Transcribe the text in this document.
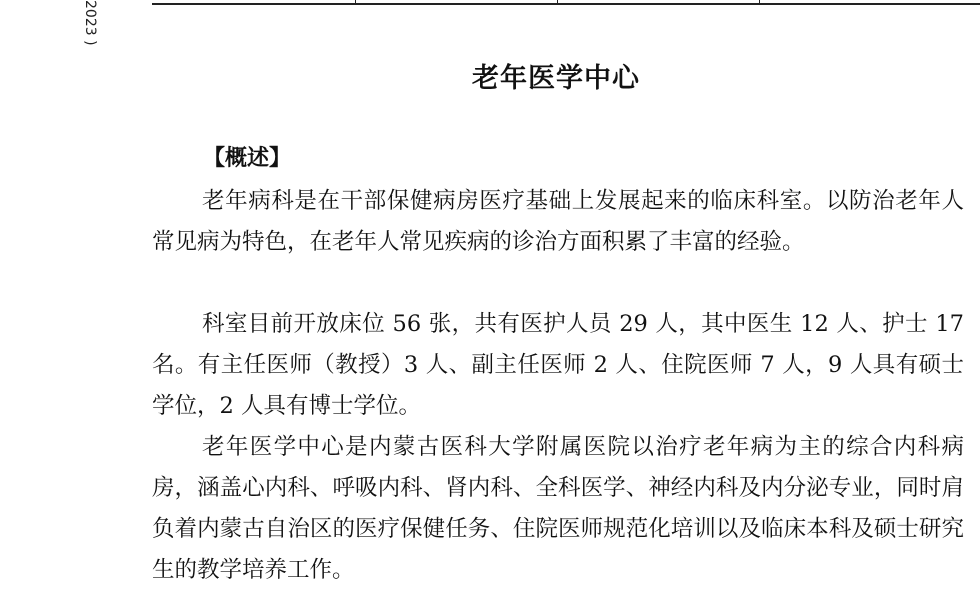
2023 )
老年医学中心
【概述】

老年病科是在干部保健病房医疗基础上发展起来的临床科室。以防治老年人常见病为特色，在老年人常见疾病的诊治方面积累了丰富的经验。

科室目前开放床位 56 张，共有医护人员 29 人，其中医生 12 人、护士 17 名。有主任医师（教授）3 人、副主任医师 2 人、住院医师 7 人，9 人具有硕士学位，2 人具有博士学位。

老年医学中心是内蒙古医科大学附属医院以治疗老年病为主的综合内科病房，涵盖心内科、呼吸内科、肾内科、全科医学、神经内科及内分泌专业，同时肩负着内蒙古自治区的医疗保健任务、住院医师规范化培训以及临床本科及硕士研究生的教学培养工作。
